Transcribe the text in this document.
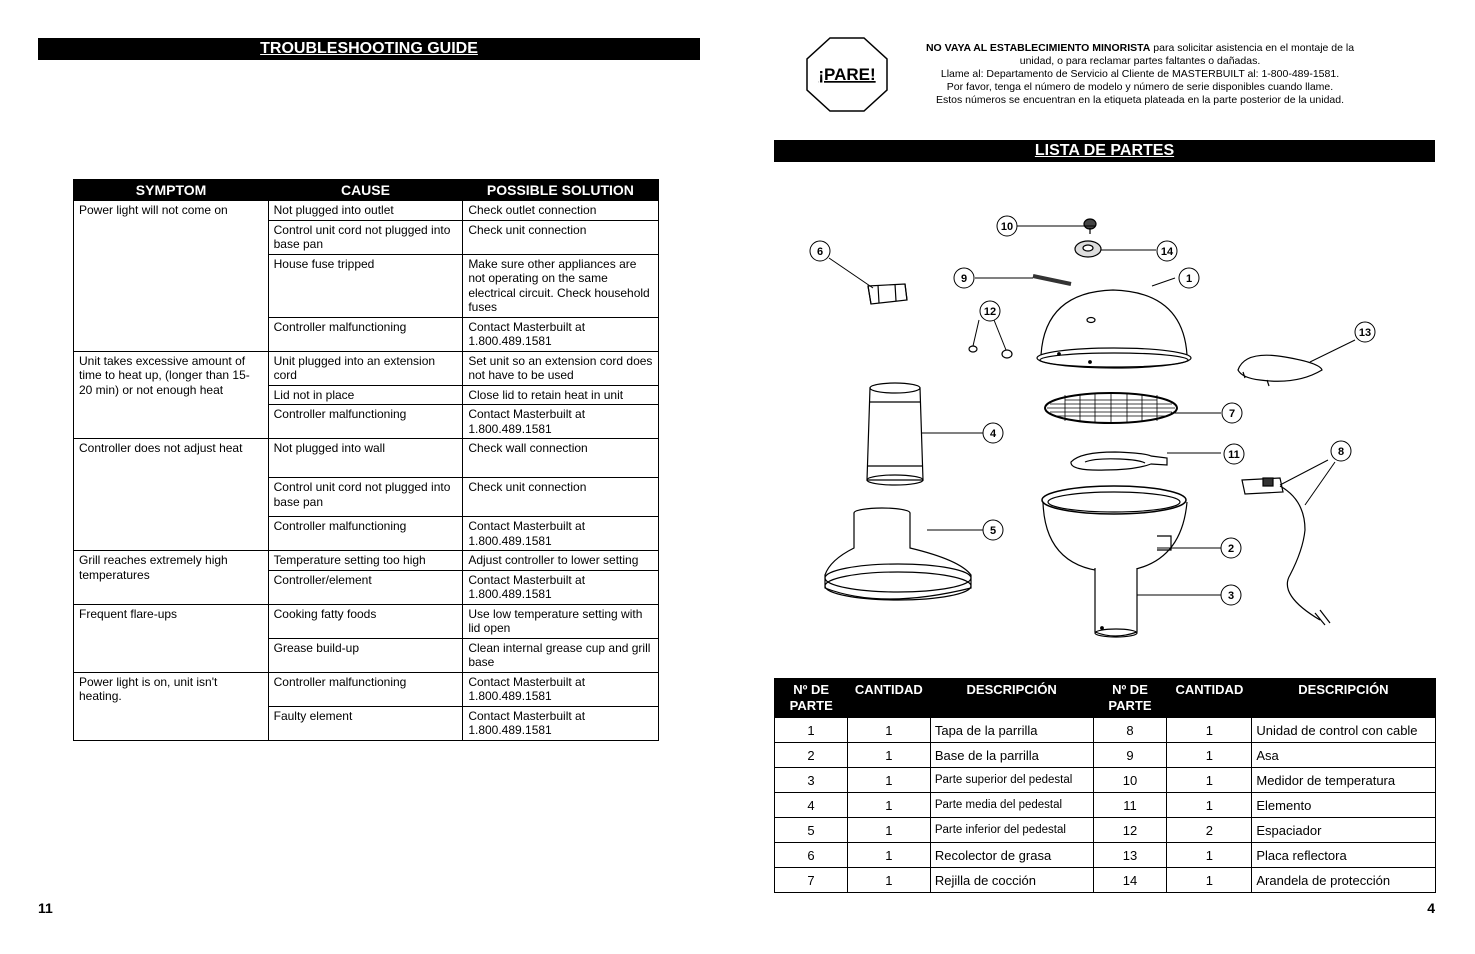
TROUBLESHOOTING GUIDE
SYMPTOM	CAUSE	POSSIBLE SOLUTION
Power light will not come on	Not plugged into outlet	Check outlet connection
	Control unit cord not plugged into base pan	Check unit connection
	House fuse tripped	Make sure other appliances are not operating on the same electrical circuit. Check household fuses
	Controller malfunctioning	Contact Masterbuilt at 1.800.489.1581
Unit takes excessive amount of time to heat up, (longer than 15-20 min) or not enough heat	Unit plugged into an extension cord	Set unit so an extension cord does not have to be used
	Lid not in place	Close lid to retain heat in unit
	Controller malfunctioning	Contact Masterbuilt at 1.800.489.1581
Controller does not adjust heat	Not plugged into wall	Check wall connection
	Control unit cord not plugged into base pan	Check unit connection
	Controller malfunctioning	Contact Masterbuilt at 1.800.489.1581
Grill reaches extremely high temperatures	Temperature setting too high	Adjust controller to lower setting
	Controller/element	Contact Masterbuilt at 1.800.489.1581
Frequent flare-ups	Cooking fatty foods	Use low temperature setting with lid open
	Grease build-up	Clean internal grease cup and grill base
Power light is on, unit isn't heating.	Controller malfunctioning	Contact Masterbuilt at 1.800.489.1581
	Faulty element	Contact Masterbuilt at 1.800.489.1581
¡PARE!
NO VAYA AL ESTABLECIMIENTO MINORISTA para solicitar asistencia en el montaje de la unidad, o para reclamar partes faltantes o dañadas.
Llame al: Departamento de Servicio al Cliente de MASTERBUILT al: 1-800-489-1581.
Por favor, tenga el número de modelo y número de serie disponibles cuando llame.
Estos números se encuentran en la etiqueta plateada en la parte posterior de la unidad.
LISTA DE PARTES
10
14
6
9	1
12
13
7
4
11	8
5
2
3
Nº DE PARTE	CANTIDAD	DESCRIPCIÓN	Nº DE PARTE	CANTIDAD	DESCRIPCIÓN
1	1	Tapa de la parrilla	8	1	Unidad de control con cable
2	1	Base de la parrilla	9	1	Asa
3	1	Parte superior del pedestal	10	1	Medidor de temperatura
4	1	Parte media del pedestal	11	1	Elemento
5	1	Parte inferior del pedestal	12	2	Espaciador
6	1	Recolector de grasa	13	1	Placa reflectora
7	1	Rejilla de cocción	14	1	Arandela de protección
11	4
